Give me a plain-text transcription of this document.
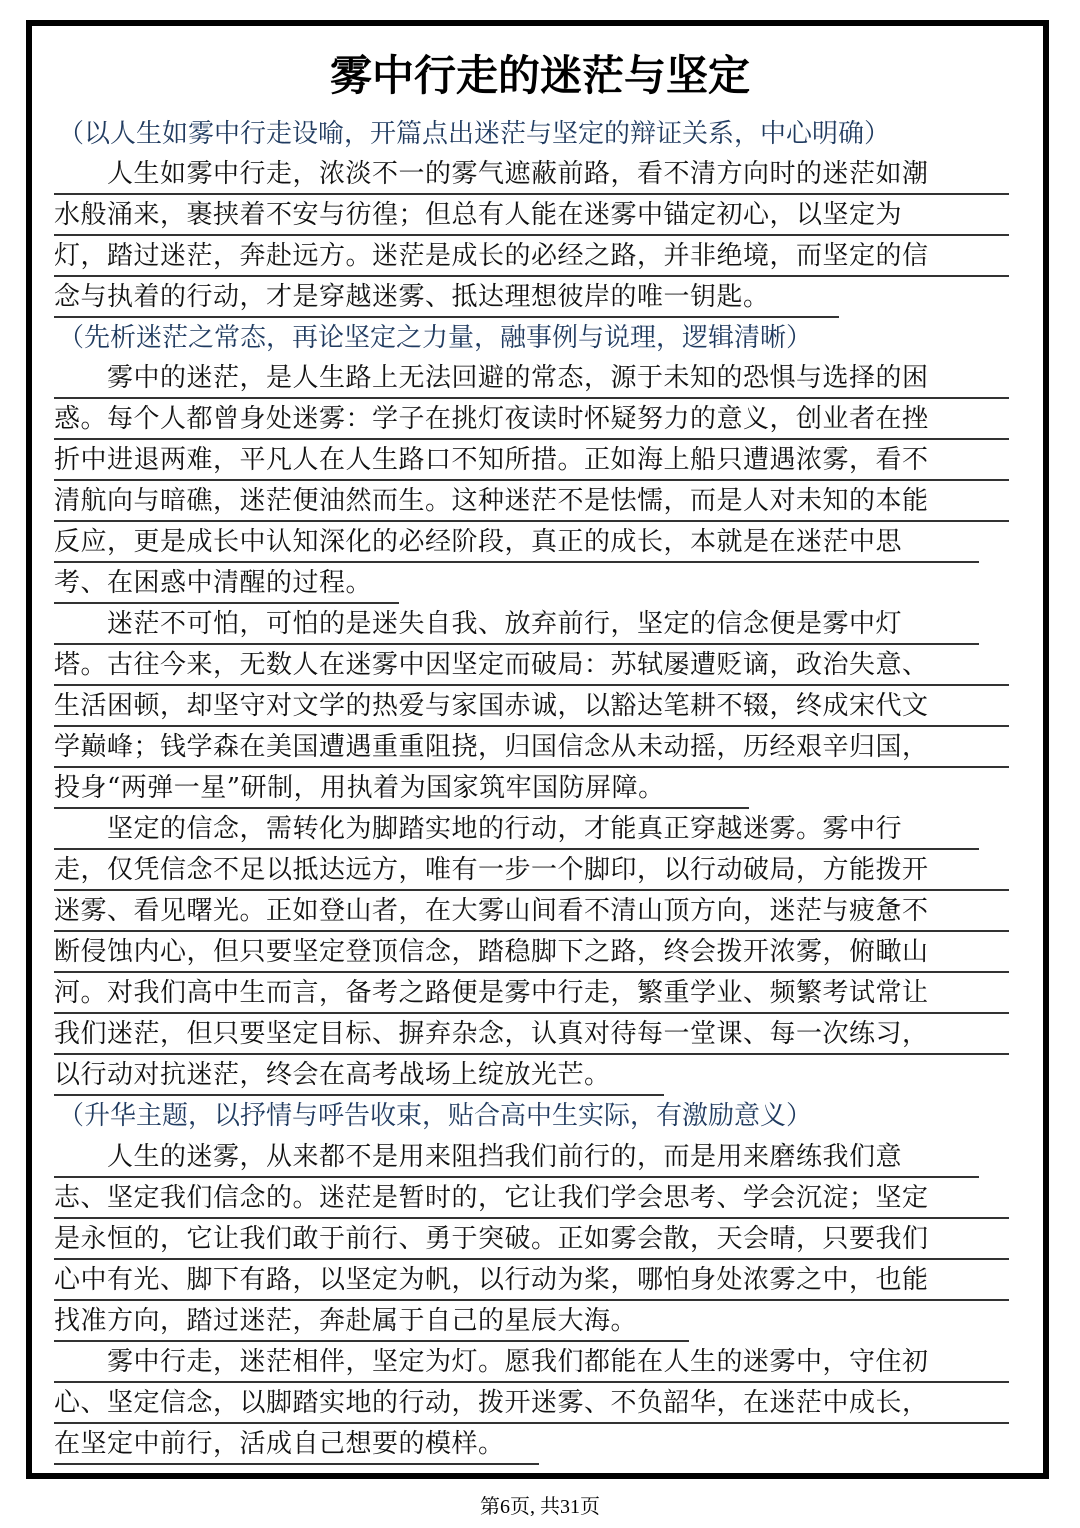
雾中行走的迷茫与坚定

（以人生如雾中行走设喻，开篇点出迷茫与坚定的辩证关系，中心明确）

　　人生如雾中行走，浓淡不一的雾气遮蔽前路，看不清方向时的迷茫如潮
水般涌来，裹挟着不安与彷徨；但总有人能在迷雾中锚定初心，以坚定为
灯，踏过迷茫，奔赴远方。迷茫是成长的必经之路，并非绝境，而坚定的信
念与执着的行动，才是穿越迷雾、抵达理想彼岸的唯一钥匙。

（先析迷茫之常态，再论坚定之力量，融事例与说理，逻辑清晰）

　　雾中的迷茫，是人生路上无法回避的常态，源于未知的恐惧与选择的困
惑。每个人都曾身处迷雾：学子在挑灯夜读时怀疑努力的意义，创业者在挫
折中进退两难，平凡人在人生路口不知所措。正如海上船只遭遇浓雾，看不
清航向与暗礁，迷茫便油然而生。这种迷茫不是怯懦，而是人对未知的本能
反应，更是成长中认知深化的必经阶段，真正的成长，本就是在迷茫中思
考、在困惑中清醒的过程。
　　迷茫不可怕，可怕的是迷失自我、放弃前行，坚定的信念便是雾中灯
塔。古往今来，无数人在迷雾中因坚定而破局：苏轼屡遭贬谪，政治失意、
生活困顿，却坚守对文学的热爱与家国赤诚，以豁达笔耕不辍，终成宋代文
学巅峰；钱学森在美国遭遇重重阻挠，归国信念从未动摇，历经艰辛归国，
投身“两弹一星”研制，用执着为国家筑牢国防屏障。
　　坚定的信念，需转化为脚踏实地的行动，才能真正穿越迷雾。雾中行
走，仅凭信念不足以抵达远方，唯有一步一个脚印，以行动破局，方能拨开
迷雾、看见曙光。正如登山者，在大雾山间看不清山顶方向，迷茫与疲惫不
断侵蚀内心，但只要坚定登顶信念，踏稳脚下之路，终会拨开浓雾，俯瞰山
河。对我们高中生而言，备考之路便是雾中行走，繁重学业、频繁考试常让
我们迷茫，但只要坚定目标、摒弃杂念，认真对待每一堂课、每一次练习，
以行动对抗迷茫，终会在高考战场上绽放光芒。

（升华主题，以抒情与呼告收束，贴合高中生实际，有激励意义）

　　人生的迷雾，从来都不是用来阻挡我们前行的，而是用来磨练我们意
志、坚定我们信念的。迷茫是暂时的，它让我们学会思考、学会沉淀；坚定
是永恒的，它让我们敢于前行、勇于突破。正如雾会散，天会晴，只要我们
心中有光、脚下有路，以坚定为帆，以行动为桨，哪怕身处浓雾之中，也能
找准方向，踏过迷茫，奔赴属于自己的星辰大海。
　　雾中行走，迷茫相伴，坚定为灯。愿我们都能在人生的迷雾中，守住初
心、坚定信念，以脚踏实地的行动，拨开迷雾、不负韶华，在迷茫中成长，
在坚定中前行，活成自己想要的模样。
第6页, 共31页
